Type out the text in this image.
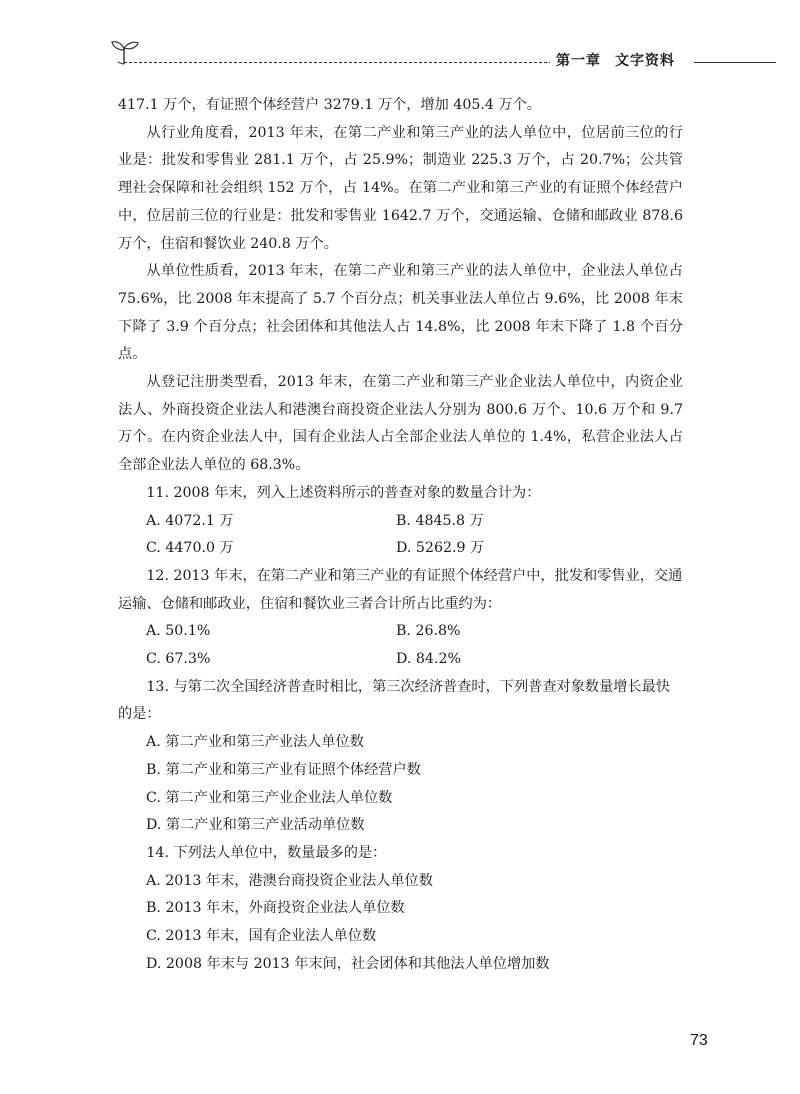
第一章 文字资料

417.1 万个，有证照个体经营户 3279.1 万个，增加 405.4 万个。

从行业角度看，2013 年末，在第二产业和第三产业的法人单位中，位居前三位的行业是：批发和零售业 281.1 万个，占 25.9%；制造业 225.3 万个，占 20.7%；公共管理社会保障和社会组织 152 万个，占 14%。在第二产业和第三产业的有证照个体经营户中，位居前三位的行业是：批发和零售业 1642.7 万个，交通运输、仓储和邮政业 878.6 万个，住宿和餐饮业 240.8 万个。

从单位性质看，2013 年末，在第二产业和第三产业的法人单位中，企业法人单位占 75.6%，比 2008 年末提高了 5.7 个百分点；机关事业法人单位占 9.6%，比 2008 年末下降了 3.9 个百分点；社会团体和其他法人占 14.8%，比 2008 年末下降了 1.8 个百分点。

从登记注册类型看，2013 年末，在第二产业和第三产业企业法人单位中，内资企业法人、外商投资企业法人和港澳台商投资企业法人分别为 800.6 万个、10.6 万个和 9.7 万个。在内资企业法人中，国有企业法人占全部企业法人单位的 1.4%，私营企业法人占全部企业法人单位的 68.3%。

11. 2008 年末，列入上述资料所示的普查对象的数量合计为：

A. 4072.1 万	B. 4845.8 万
C. 4470.0 万	D. 5262.9 万

12. 2013 年末，在第二产业和第三产业的有证照个体经营户中，批发和零售业，交通运输、仓储和邮政业，住宿和餐饮业三者合计所占比重约为：

A. 50.1%	B. 26.8%
C. 67.3%	D. 84.2%

13. 与第二次全国经济普查时相比，第三次经济普查时，下列普查对象数量增长最快的是：

A. 第二产业和第三产业法人单位数

B. 第二产业和第三产业有证照个体经营户数

C. 第二产业和第三产业企业法人单位数

D. 第二产业和第三产业活动单位数

14. 下列法人单位中，数量最多的是：

A. 2013 年末，港澳台商投资企业法人单位数

B. 2013 年末，外商投资企业法人单位数

C. 2013 年末，国有企业法人单位数

D. 2008 年末与 2013 年末间，社会团体和其他法人单位增加数

73
